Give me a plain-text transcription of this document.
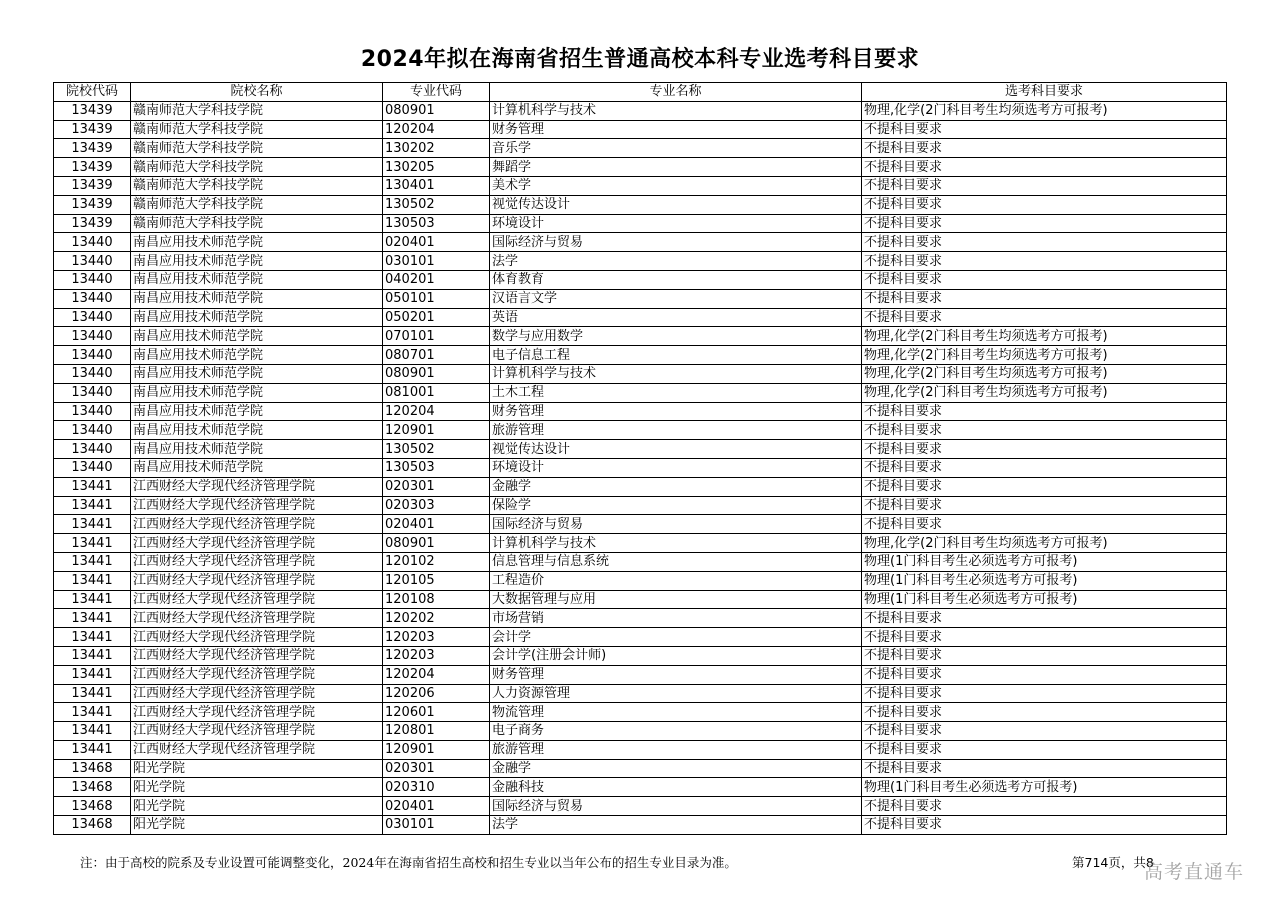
2024年拟在海南省招生普通高校本科专业选考科目要求
院校代码	院校名称	专业代码	专业名称	选考科目要求
13439	赣南师范大学科技学院	080901	计算机科学与技术	物理,化学(2门科目考生均须选考方可报考)
13439	赣南师范大学科技学院	120204	财务管理	不提科目要求
13439	赣南师范大学科技学院	130202	音乐学	不提科目要求
13439	赣南师范大学科技学院	130205	舞蹈学	不提科目要求
13439	赣南师范大学科技学院	130401	美术学	不提科目要求
13439	赣南师范大学科技学院	130502	视觉传达设计	不提科目要求
13439	赣南师范大学科技学院	130503	环境设计	不提科目要求
13440	南昌应用技术师范学院	020401	国际经济与贸易	不提科目要求
13440	南昌应用技术师范学院	030101	法学	不提科目要求
13440	南昌应用技术师范学院	040201	体育教育	不提科目要求
13440	南昌应用技术师范学院	050101	汉语言文学	不提科目要求
13440	南昌应用技术师范学院	050201	英语	不提科目要求
13440	南昌应用技术师范学院	070101	数学与应用数学	物理,化学(2门科目考生均须选考方可报考)
13440	南昌应用技术师范学院	080701	电子信息工程	物理,化学(2门科目考生均须选考方可报考)
13440	南昌应用技术师范学院	080901	计算机科学与技术	物理,化学(2门科目考生均须选考方可报考)
13440	南昌应用技术师范学院	081001	土木工程	物理,化学(2门科目考生均须选考方可报考)
13440	南昌应用技术师范学院	120204	财务管理	不提科目要求
13440	南昌应用技术师范学院	120901	旅游管理	不提科目要求
13440	南昌应用技术师范学院	130502	视觉传达设计	不提科目要求
13440	南昌应用技术师范学院	130503	环境设计	不提科目要求
13441	江西财经大学现代经济管理学院	020301	金融学	不提科目要求
13441	江西财经大学现代经济管理学院	020303	保险学	不提科目要求
13441	江西财经大学现代经济管理学院	020401	国际经济与贸易	不提科目要求
13441	江西财经大学现代经济管理学院	080901	计算机科学与技术	物理,化学(2门科目考生均须选考方可报考)
13441	江西财经大学现代经济管理学院	120102	信息管理与信息系统	物理(1门科目考生必须选考方可报考)
13441	江西财经大学现代经济管理学院	120105	工程造价	物理(1门科目考生必须选考方可报考)
13441	江西财经大学现代经济管理学院	120108	大数据管理与应用	物理(1门科目考生必须选考方可报考)
13441	江西财经大学现代经济管理学院	120202	市场营销	不提科目要求
13441	江西财经大学现代经济管理学院	120203	会计学	不提科目要求
13441	江西财经大学现代经济管理学院	120203	会计学(注册会计师)	不提科目要求
13441	江西财经大学现代经济管理学院	120204	财务管理	不提科目要求
13441	江西财经大学现代经济管理学院	120206	人力资源管理	不提科目要求
13441	江西财经大学现代经济管理学院	120601	物流管理	不提科目要求
13441	江西财经大学现代经济管理学院	120801	电子商务	不提科目要求
13441	江西财经大学现代经济管理学院	120901	旅游管理	不提科目要求
13468	阳光学院	020301	金融学	不提科目要求
13468	阳光学院	020310	金融科技	物理(1门科目考生必须选考方可报考)
13468	阳光学院	020401	国际经济与贸易	不提科目要求
13468	阳光学院	030101	法学	不提科目要求
注：由于高校的院系及专业设置可能调整变化，2024年在海南省招生高校和招生专业以当年公布的招生专业目录为准。	第714页，共8
高考直通车
